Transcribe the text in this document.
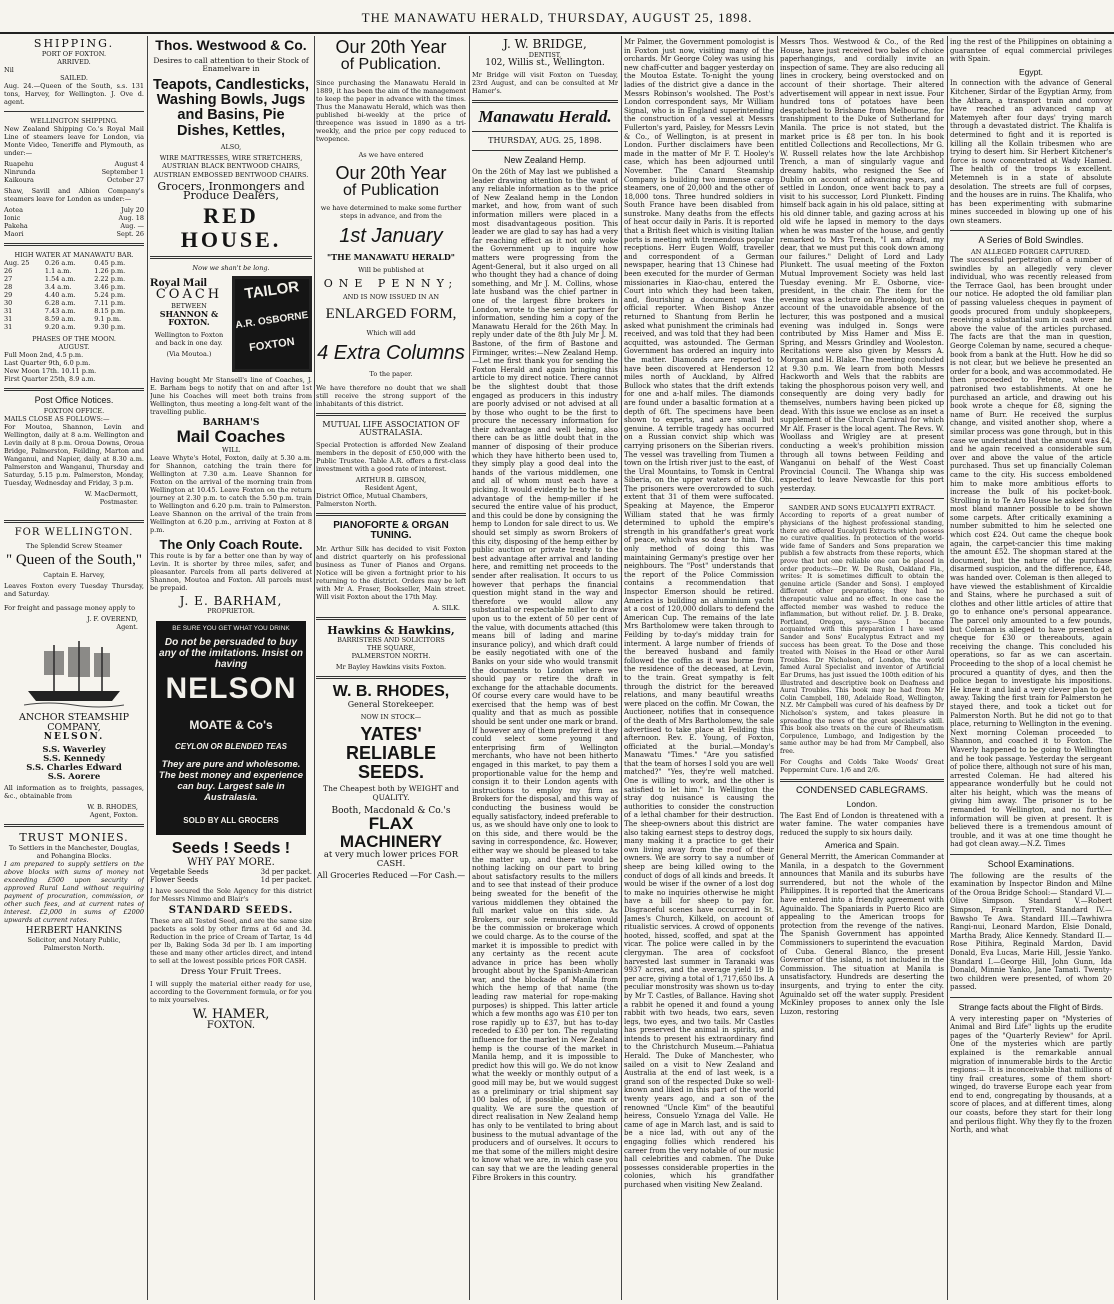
THE MANAWATU HERALD, THURSDAY, AUGUST 25, 1898.
SHIPPING.
PORT OF FOXTON.
ARRIVED.
Nil
SAILED.

Aug. 24.—Queen of the South, s.s. 131 tons, Harvey, for Wellington. J. Ove d. agent.

WELLINGTON SHIPPING.

New Zealand Shipping Co.'s Royal Mail Line of steamers leave for London, via Monte Video, Teneriffe and Plymouth, as under:—

Ruapehu	August 4
Ninrunda	September 1
Kaikoura	October 27

Shaw, Savill and Albion Company's steamers leave for London as under:—

Aotea	July 20
Ionic	Aug. 18
Pakeha	Aug. —
Maori	Sept. 26
HIGH WATER AT MANAWATU BAR.
Aug. 25	0.26 a.m.	0.45 p.m.
26	1.1 a.m.	1.26 p.m.
27	1.54 a.m.	2.22 p.m.
28	3.4 a.m.	3.46 p.m.
29	4.40 a.m.	5.24 p.m.
30	6.28 a.m.	7.11 p.m.
31	7.43 a.m.	8.15 p.m.
31	8.59 a.m.	9.1 p.m.
31	9.20 a.m.	9.30 p.m.
PHASES OF THE MOON.
AUGUST.
Full Moon 2nd, 4.5 p.m.
Last Quarter 9th, 6.0 p.m.
New Moon 17th. 10.11 p.m.
First Quarter 25th, 8.9 a.m.
Post Office Notices.
FOXTON OFFICE.
MAILS CLOSE AS FOLLOWS:—

For Moutoa, Shannon, Levin and Wellington, daily at 8 a.m. Wellington and Levin daily at 8 p.m. Oroua Downs, Oroua Bridge, Palmerston, Feilding, Marton and Wanganui, and Napier, daily at 8.30 a.m. Palmerston and Wanganui, Thursday and Saturday, 5.15 p.m. Palmerston, Monday, Tuesday, Wednesday and Friday, 3 p.m.

W. MacDermott,
Postmaster.
FOR WELLINGTON.
The Splendid Screw Steamer
" Queen of the South,"
Captain E. Harvey,

Leaves Foxton every Tuesday Thursday, and Saturday.

For freight and passage money apply to

J. F. OVEREND,
Agent.
ANCHOR STEAMSHIP COMPANY,
NELSON.
S.S. Waverley
S.S. Kennedy
S.S. Charles Edward
S.S. Aorere

All information as to freights, passages, &c., obtainable from

W. B. RHODES,
Agent, Foxton.
TRUST MONIES.
To Settlers in the Manchester, Douglas, and Pohangina Blocks.

I am prepared to supply settlers on the above blocks with sums of money not exceeding £500 upon security of approved Rural Land without requiring payment of procuration, commission, or other such fees, and at current rates of interest. £2,000 in sums of £2000 upwards at current rates.

HERBERT HANKINS
Solicitor, and Notary Public,
Palmerston North.
Thos. Westwood & Co.
Desires to call attention to their Stock of Enamelware in
Teapots, Candlesticks, Washing Bowls, Jugs and Basins, Pie Dishes, Kettles,
ALSO,
WIRE MATTRESSES, WIRE STRETCHERS, AUSTRIAN BLACK BENTWOOD CHAIRS, AUSTRIAN EMBOSSED BENTWOOD CHAIRS.
Grocers, Ironmongers and Produce Dealers,
RED HOUSE.
Now we shan't be long.
Royal Mail
COACH
BETWEEN
SHANNON & FOXTON.

Wellington to Foxton and back in one day.

(Via Moutoa.)
TAILOR
A.R. OSBORNE
FOXTON

Having bought Mr Stansell's line of Coaches, J. E. Barham begs to notify that on and after 1st June his Coaches will meet both trains from Wellington, thus meeting a long-felt want of the travelling public.

BARHAM'S
Mail Coaches
WILL

Leave Whyte's Hotel, Foxton, daily at 5.30 a.m. for Shannon, catching the train there for Wellington at 7.30 a.m. Leave Shannon for Foxton on the arrival of the morning train from Wellington at 10.45. Leave Foxton on the return journey at 2.30 p.m. to catch the 5.50 p.m. train to Wellington and 6.20 p.m. train to Palmerston. Leave Shannon on the arrival of the train from Wellington at 6.20 p.m., arriving at Foxton at 8 p.m.

The Only Coach Route.

This route is by far a better one than by way of Levin. It is shorter by three miles, safer, and pleasanter. Parcels from all parts delivered at Shannon, Moutoa and Foxton. All parcels must be prepaid.

J. E. BARHAM,
PROPRIETOR.
BE SURE YOU GET WHAT YOU DRINK
Do not be persuaded to buy any of the imitations. Insist on having
NELSON
MOATE & Co's
CEYLON OR BLENDED TEAS
They are pure and wholesome. The best money and experience can buy. Largest sale in Australasia.
SOLD BY ALL GROCERS
Seeds ! Seeds !
WHY PAY MORE.
Vegetable Seeds	3d per packet.
Flower Seeds	1d per packet.

I have secured the Sole Agency for this district for Messrs Nimmo and Blair's

STANDARD SEEDS.

These are all Tested Seed, and are the same size packets as sold by other firms at 6d and 3d. Reduction in the price of Cream of Tartar, 1s 4d per lb, Baking Soda 3d per lb. I am importing these and many other articles direct, and intend to sell at the lowest possible prices FOR CASH.

Dress Your Fruit Trees.

I will supply the material either ready for use, according to the Government formula, or for you to mix yourselves.

W. HAMER,
FOXTON.
Our 20th Year
of Publication.

Since purchasing the Manawatu Herald in 1889, it has been the aim of the management to keep the paper in advance with the times. Thus the Manawatu Herald, which was then published bi-weekly at the price of threepence was issued in 1890 as a tri-weekly, and the price per copy reduced to twopence.

As we have entered
Our 20th Year
of Publication

we have determined to make some further steps in advance, and from the

1st January
"THE MANAWATU HERALD"
Will be published at
ONE PENNY;
AND IS NOW ISSUED IN AN
ENLARGED FORM,
Which will add
4 Extra Columns
To the paper.

We have therefore no doubt that we shall still receive the strong support of the inhabitants of this district.

MUTUAL LIFE ASSOCIATION OF AUSTRALASIA.

Special Protection is afforded New Zealand members in the deposit of £50,000 with the Public Trustee. Table A.R. offers a first-class investment with a good rate of interest.

ARTHUR B. GIBSON,
Resident Agent,
District Office, Mutual Chambers, Palmerston North.
PIANOFORTE & ORGAN TUNING.

Mr. Arthur Silk has decided to visit Foxton and district quarterly on his professional business as Tuner of Pianos and Organs. Notice will be given a fortnight prior to his returning to the district. Orders may be left with Mr A. Fraser, Bookseller, Main street. Will visit Foxton about the 17th May.

A. SILK.
Hawkins & Hawkins,
BARRISTERS AND SOLICITORS
THE SQUARE,
PALMERSTON NORTH.
Mr Bayley Hawkins visits Foxton.
W. B. RHODES,
General Storekeeper.
NOW IN STOCK—
YATES' RELIABLE SEEDS.
The Cheapest both by WEIGHT and QUALITY.
Booth, Macdonald & Co.'s
FLAX MACHINERY
at very much lower prices FOR CASH.
All Groceries Reduced —For Cash.—
J. W. BRIDGE,
DENTIST,
102, Willis st., Wellington.

Mr Bridge will visit Foxton on Tuesday, 23rd August, and can be consulted at Mr Hamer's.

Manawatu Herald.
THURSDAY, AUG. 25, 1898.
New Zealand Hemp.

On the 26th of May last we published a leader drawing attention to the want of any reliable information as to the price of New Zealand hemp in the London market, and how, from want of such information millers were placed in a most disadvantageous position. This leader we are glad to say has had a very far reaching effect as it not only woke the Government up to inquire how matters were progressing from the Agent-General, but it also urged on all who thought they had a chance of doing something, and Mr J. M. Collins, whose late husband was the chief partner in one of the largest fibre brokers in London, wrote to the senior partner for information, sending him a copy of the Manawatu Herald for the 26th May. In reply under date of the 8th July Mr J. M. Bastone, of the firm of Bastone and Firminger, writes:—New Zealand Hemp.—Let me first thank you for sending the Foxton Herald and again bringing this article to my direct notice. There cannot be the slightest doubt that those engaged as producers in this industry are poorly advised or not advised at all by those who ought to be the first to procure the necessary information for their advantage and well being, also there can be as little doubt that in the manner of disposing of their produce which they have hitherto been used to, they simply play a good deal into the hands of the various middlemen, one and all of whom must each have a picking. It would evidently be to the best advantage of the hemp-miller if he secured the entire value of his product, and this could be done by consigning the hemp to London for sale direct to us. We should set simply as sworn Brokers of this city, disposing of the hemp either by public auction or private treaty to the best advantage after arrival and landing here, and remitting net proceeds to the sender after realisation. It occurs to us however that perhaps the financial question might stand in the way and therefore we would allow any substantial or respectable miller to draw upon us to the extent of 50 per cent of the value, with documents attached (this means bill of lading and marine insurance policy), and which draft could be easily negotiated with one of the Banks on your side who would transmit the documents to London where we should pay or retire the draft in exchange for the attachable documents. Of course every care would have to be exercised that the hemp was of best quality and that as much as possible should be sent under one mark or brand. If however any of them preferred it they could select some young and enterprising firm of Wellington merchants, who have not been hitherto engaged in this market, to pay them a proportionable value for the hemp and consign it to their London agents with instructions to employ my firm as Brokers for the disposal, and this way of conducting the business would be equally satisfactory, indeed preferable to us, as we should have only one to look to on this side, and there would be the saving in correspondence, &c. However, either way we should be pleased to take the matter up, and there would be nothing lacking on our part to bring about satisfactory results to the millers and to see that instead of their produce being sweated for the benefit of the various middlemen they obtained the full market value on this side. As Brokers, our sole remuneration would be the commission or brokerage which we could charge. As to the course of the market it is impossible to predict with any certainty as the recent acute advance in price has been wholly brought about by the Spanish-American war, and the blockade of Manila from which the hemp of that name (the leading raw material for rope-making purposes) is shipped. This latter article which a few months ago was £10 per ton rose rapidly up to £37, but has to-day receded to £30 per ton. The regulating influence for the market in New Zealand hemp is the course of the market in Manila hemp, and it is impossible to predict how this will go. We do not know what the weekly or monthly output of a good mill may be, but we would suggest as a preliminary or trial shipment say 100 bales of, if possible, one mark or quality. We are sure the question of direct realisation in New Zealand hemp has only to be ventilated to bring about business to the mutual advantage of the producers and of ourselves. It occurs to me that some of the millers might desire to know what we are, in which case you can say that we are the leading general Fibre Brokers in this country.

Mr Palmer, the Government pomologist is in Foxton just now, visiting many of the orchards. Mr George Coley was using his new chaff-cutter and bagger yesterday on the Moutoa Estate. To-night the young ladies of the district give a dance in the Messrs Robinson's woolshed. The Post's London correspondent says, Mr William Signal, who is in England superintending the construction of a vessel at Messrs Fullerton's yard, Paisley, for Messrs Levin & Co., of Wellington, is at present in London. Further disclaimers have been made in the matter of Mr F. T. Hooley's case, which has been adjourned until November. The Canard Steamship Company is building two immense cargo steamers, one of 20,000 and the other of 18,000 tons. Three hundred soldiers in South France have been disabled from sunstroke. Many deaths from the effects of heat occur daily in Paris. It is reported that a British fleet which is visiting Italian ports is meeting with tremendous popular receptions. Herr Eugen Wolff, traveller and correspondent of a German newspaper, hearing that 13 Chinese had been executed for the murder of German missionaries in Kiao-chau, entered the Court into which they had been taken, and, flourishing a document was the official reporter. When Bishop Anzer returned to Shantung from Berlin he asked what punishment the criminals had received, and was told that they had been acquitted, was astounded. The German Government has ordered an inquiry into the matter. Diamonds are reported to have been discovered at Henderson 12 miles north of Auckland, by Alfred Bullock who states that the drift extends for one and a-half miles. The diamonds are found under a basaltic formation at a depth of 6ft. The specimens have been shown to experts, and are small but genuine. A terrible tragedy has occurred on a Russian convict ship which was carrying prisoners on the Siberian rivers. The vessel was travelling from Tiumen a town on the Irtish river just to the east, of the Ural Mountains, to Tomsk in Central Siberia, on the upper waters of the Obi. The prisoners were overcrowded to such extent that 31 of them were suffocated. Speaking at Mayence, the Emperor William stated that he was firmly determined to uphold the empire's strength in his grandfather's great work of peace, which was so dear to him. The only method of doing this was maintaining Germany's prestige over her neighbours. The "Post" understands that the report of the Police Commission contains a recommendation that Inspector Emerson should be retired. America is building an aluminium yacht at a cost of 120,000 dollars to defend the American Cup. The remains of the late Mrs Bartholomew were taken through to Feilding by to-day's midday train for interment. A large number of friends of the bereaved husband and family followed the coffin as it was borne from the residence of the deceased, at Levin, to the train. Great sympathy is felt through the district for the bereaved relations, and many beautiful wreaths were placed on the coffin. Mr Cowan, the Auctioneer, notifies that in consequence of the death of Mrs Bartholomew, the sale advertised to take place at Feilding this afternoon. Rev. E. Young, of Foxton, officiated at the burial.—Monday's Manawatu "Times." "Are you satisfied that the team of horses I sold you are well matched?" "Yes, they're well matched. One is willing to work, and the other is satisfied to let him." In Wellington the stray dog nuisance is causing the authorities to consider the construction of a lethal chamber for their destruction. The sheep-owners about this district are also taking earnest steps to destroy dogs, many making it a practice to get their own living away from the roof of their owners. We are sorry to say a number of sheep are being killed owing to the conduct of dogs of all kinds and breeds. It would be wiser if the owner of a lost dog to make no inquiries otherwise he might have a bill for sheep to pay for. Disgraceful scenes have occurred in St. James's Church, Kilkeld, on account of ritualistic services. A crowd of opponents hooted, hissed, scoffed, and spat at the vicar. The police were called in by the clergyman. The area of cocksfoot harvested last summer in Taranaki was 9937 acres, and the average yield 19 lb per acre, giving a total of 1,717,650 lbs. A peculiar monstrosity was shown us to-day by Mr T. Castles, of Ballance. Having shot a rabbit he opened it and found a young rabbit with two heads, two ears, seven legs, two eyes, and two tails. Mr Castles has preserved the animal in spirits, and intends to present his extraordinary find to the Christchurch Museum.—Pahiatua Herald. The Duke of Manchester, who sailed on a visit to New Zealand and Australia at the end of last week, is a grand son of the respected Duke so well-known and liked in this part of the world twenty years ago, and a son of the renowned "Uncle Kim" of the beautiful heiress, Consuelo Yznaga del Valle. He came of age in March last, and is said to be a nice lad, with out any of the engaging follies which rendered his career from the very notable of our music hall celebrities and cabmen. The Duke possesses considerable properties in the colonies, which his grandfather purchased when visiting New Zealand.

Messrs Thos. Westwood & Co., of the Red House, have just received two bales of choice paperhangings, and cordially invite an inspection of same. They are also reducing all lines in crockery, being overstocked and on account of their shortage. Their altered advertisement will appear in next issue. Four hundred tons of potatoes have been despatched to Brisbane from Melbourne, for transhipment to the Duke of Sutherland for Manila. The price is not stated, but the market price is £8 per ton. In his book entitled Collections and Recollections, Mr G. W. Russell relates how the late Archbishop Trench, a man of singularly vague and dreamy habits, who resigned the See of Dublin on account of advancing years, and settled in London, once went back to pay a visit to his successor, Lord Plunkett. Finding himself back again in his old palace, sitting at his old dinner table, and gazing across at his old wife he lapsed in memory to the days when he was master of the house, and gently remarked to Mrs Trench, "I am afraid, my dear, that we must put this cook down among our failures." Delight of Lord and Lady Plunkett. The usual meeting of the Foxton Mutual Improvement Society was held last Tuesday evening. Mr E. Osborne, vice-president, in the chair. The item for the evening was a lecture on Phrenology, but on account of the unavoidable absence of the lecturer, this was postponed and a musical evening was indulged in. Songs were contributed by Miss Hamer and Miss E. Spring, and Messrs Grindley and Wooleston. Recitations were also given by Messrs A. Morgan and H. Blake. The meeting concluded at 9.30 p.m. We learn from both Messrs Hackworth and Wels that the rabbits are taking the phosphorous poison very well, and consequently are doing very badly for themselves, numbers having been picked up dead. With this issue we enclose as an inset a supplement of the Church Carnival for which Mr Alf. Fraser is the local agent. The Revs. W. Woollass and Wrigley are at present conducting a week's prohibition mission through all towns between Feilding and Wanganui on behalf of the West Coast Provincial Council. The Whanga ship was expected to leave Newcastle for this port yesterday.

SANDER AND SONS EUCALYPTI EXTRACT.

According to reports of a great number of physicians of the highest professional standing, there are offered Eucalypti Extracts which possess no curative qualities. In protection of the world-wide fame of Sanders and Sons preparation we publish a few abstracts from these reports, which prove that but one reliable one can be placed in order products:—Dr. W. De Rush, Oakland Fla., writes: It is sometimes difficult to obtain the genuine article (Sander and Sons). I employed different other preparations; they had no therapeutic value and no effect. In one case the affected member was washed to reduce the inflammation, but without relief. Dr. J. B. Drake, Portland, Oregon, says:—Since I became acquainted with this preparation I have used Sander and Sons' Eucalyptus Extract and my success has been great. To the Dose and those treated with Noises in the Head or other Aural Troubles. Dr Nicholson, of London, the world famed Aural Specialist and inventor of Artificial Ear Drums, has just issued the 100th edition of his illustrated and descriptive book on Deafness and Aural Troubles. This book may be had from Mr Colin Campbell, 180, Adelaide Road, Wellington, N.Z. Mr Campbell was cured of his deafness by Dr Nicholson's system, and takes pleasure in spreading the news of the great specialist's skill. This book also treats on the cure of Rheumatism Corpulence, Lumbago, and Indigestion by the same author may be had from Mr Campbell, also free.

For Coughs and Colds Take Woods' Great Peppermint Cure. 1/6 and 2/6.

CONDENSED CABLEGRAMS.
London.

The East End of London is threatened with a water famine. The water companies have reduced the supply to six hours daily.

America and Spain.

General Merritt, the American Commander at Manila, in a despatch to the Government announces that Manila and its suburbs have surrendered, but not the whole of the Philippines. It is reported that the Americans have entered into a friendly agreement with Aguinaldo. The Spaniards in Puerto Rico are appealing to the American troops for protection from the revenge of the natives. The Spanish Government has appointed Commissioners to superintend the evacuation of Cuba. General Blanco, the present Governor of the island, is not included in the Commission. The situation at Manila is unsatisfactory. Hundreds are deserting the insurgents, and trying to enter the city. Aguinaldo set off the water supply. President McKinley proposes to annex only the Isle Luzon, restoring

ing the rest of the Philippines on obtaining a guarantee of equal commercial privileges with Spain.

Egypt.

In connection with the advance of General Kitchener, Sirdar of the Egyptian Army, from the Atbara, a transport train and convoy have reached an advanced camp at Matemyeh after four days' trying march through a devastated district. The Khalifa is determined to fight and it is reported is killing all the Kollain tribesmen who are trying to desert him. Sir Herbert Kitchener's force is now concentrated at Wady Hamed. The health of the troops is excellent. Metemneh is in a state of absolute desolation. The streets are full of corpses, and the houses are in ruins. The Khalifa, who has been experimenting with submarine mines succeeded in blowing up one of his own steamers.

A Series of Bold Swindles.
AN ALLEGED FORGER CAPTURED.

The successful perpetration of a number of swindles by an allegedly very clever individual, who was recently released from the Terrace Gaol, has been brought under our notice. He adopted the old familiar plan of passing valueless cheques in payment of goods procured from unduly shopkeepers, receiving a substantial sum in cash over and above the value of the articles purchased. The facts are that the man in question, George Coleman by name, secured a cheque-book from a bank at the Hutt. How he did so is not clear, but we believe he presented an order for a book, and was accommodated. He then proceeded to Petone, where he patronised two establishments. At one he purchased an article, and drawing out his book wrote a cheque for £8, signing the name of Burr. He received the surplus change, and visited another shop, where a similar process was gone through, but in this case we understand that the amount was £4, and he again received a considerable sum over and above the value of the article purchased. Thus set up financially Coleman came to the city. His success emboldened him to make more ambitious efforts to increase the bulk of his pocket-book. Strolling in to Te Aro House he asked for the most bland manner possible to be shown some carpets. After critically examining a number submitted to him he selected one which cost £24. Out came the cheque book again, the carpet-cancier this time making the amount £52. The shopman stared at the document, but the nature of the purchase disarmed suspicion, and the difference, £48, was handed over. Coleman is then alleged to have viewed the establishment of Kircaldie and Stains, where he purchased a suit of clothes and other little articles of attire that go to enhance one's personal appearance. The parcel only amounted to a few pounds, but Coleman is alleged to have presented a cheque for £30 or thereabouts, again receiving the change. This concluded his operations, so far as we can ascertain. Proceeding to the shop of a local chemist he procured a quantity of dyes, and then the police began to investigate his impositions. He knew it and laid a very clever plan to get away. Taking the first train for Palmerston he stayed there, and took a ticket out for Palmerston North. But he did not go to that place, returning to Wellington in the evening. Next morning Coleman proceeded to Shannon, and coached it to Foxton. The Waverly happened to be going to Wellington and he took passage. Yesterday the sergeant of police there, although not sure of his man, arrested Coleman. He had altered his appearance wonderfully but he could not alter his height, which was the means of giving him away. The prisoner is to be remanded to Wellington, and no further information will be given at present. It is believed there is a tremendous amount of trouble, and it was at one time thought he had got clean away.—N.Z. Times

School Examinations.

The following are the results of the examination by Inspector Bindon and Milne of the Oroua Bridge School:— Standard VI.—Olive Simpson. Standard V.—Robert Simpson, Frank Tyrrell. Standard IV.—Bawsho Te Awa. Standard III.—Tawhiwra Rangi-nui, Leonard Mardon, Elsie Donald, Martha Brady, Alice Kennedy. Standard II.—Rose Pitihira, Reginald Mardon, David Donald, Eva Lucas, Marie Hill, Jessie Yanko. Standard I.—George Hill, John Gunn, Ida Donald, Minnie Yanko, Jane Tamati. Twenty-two children were presented, of whom 20 passed.

Strange facts about the Flight of Birds.

A very interesting paper on "Mysteries of Animal and Bird Life" lights up the erudite pages of the "Quarterly Review" for April. One of the mysteries which are partly explained is the remarkable annual migration of innumerable birds to the Arctic regions:— It is inconceivable that millions of tiny frail creatures, some of them short-winged, do traverse Europe each year from end to end, congregating by thousands, at a score of places, and at different times, along our coasts, before they start for their long and perilous flight. Why they fly to the frozen North, and what
